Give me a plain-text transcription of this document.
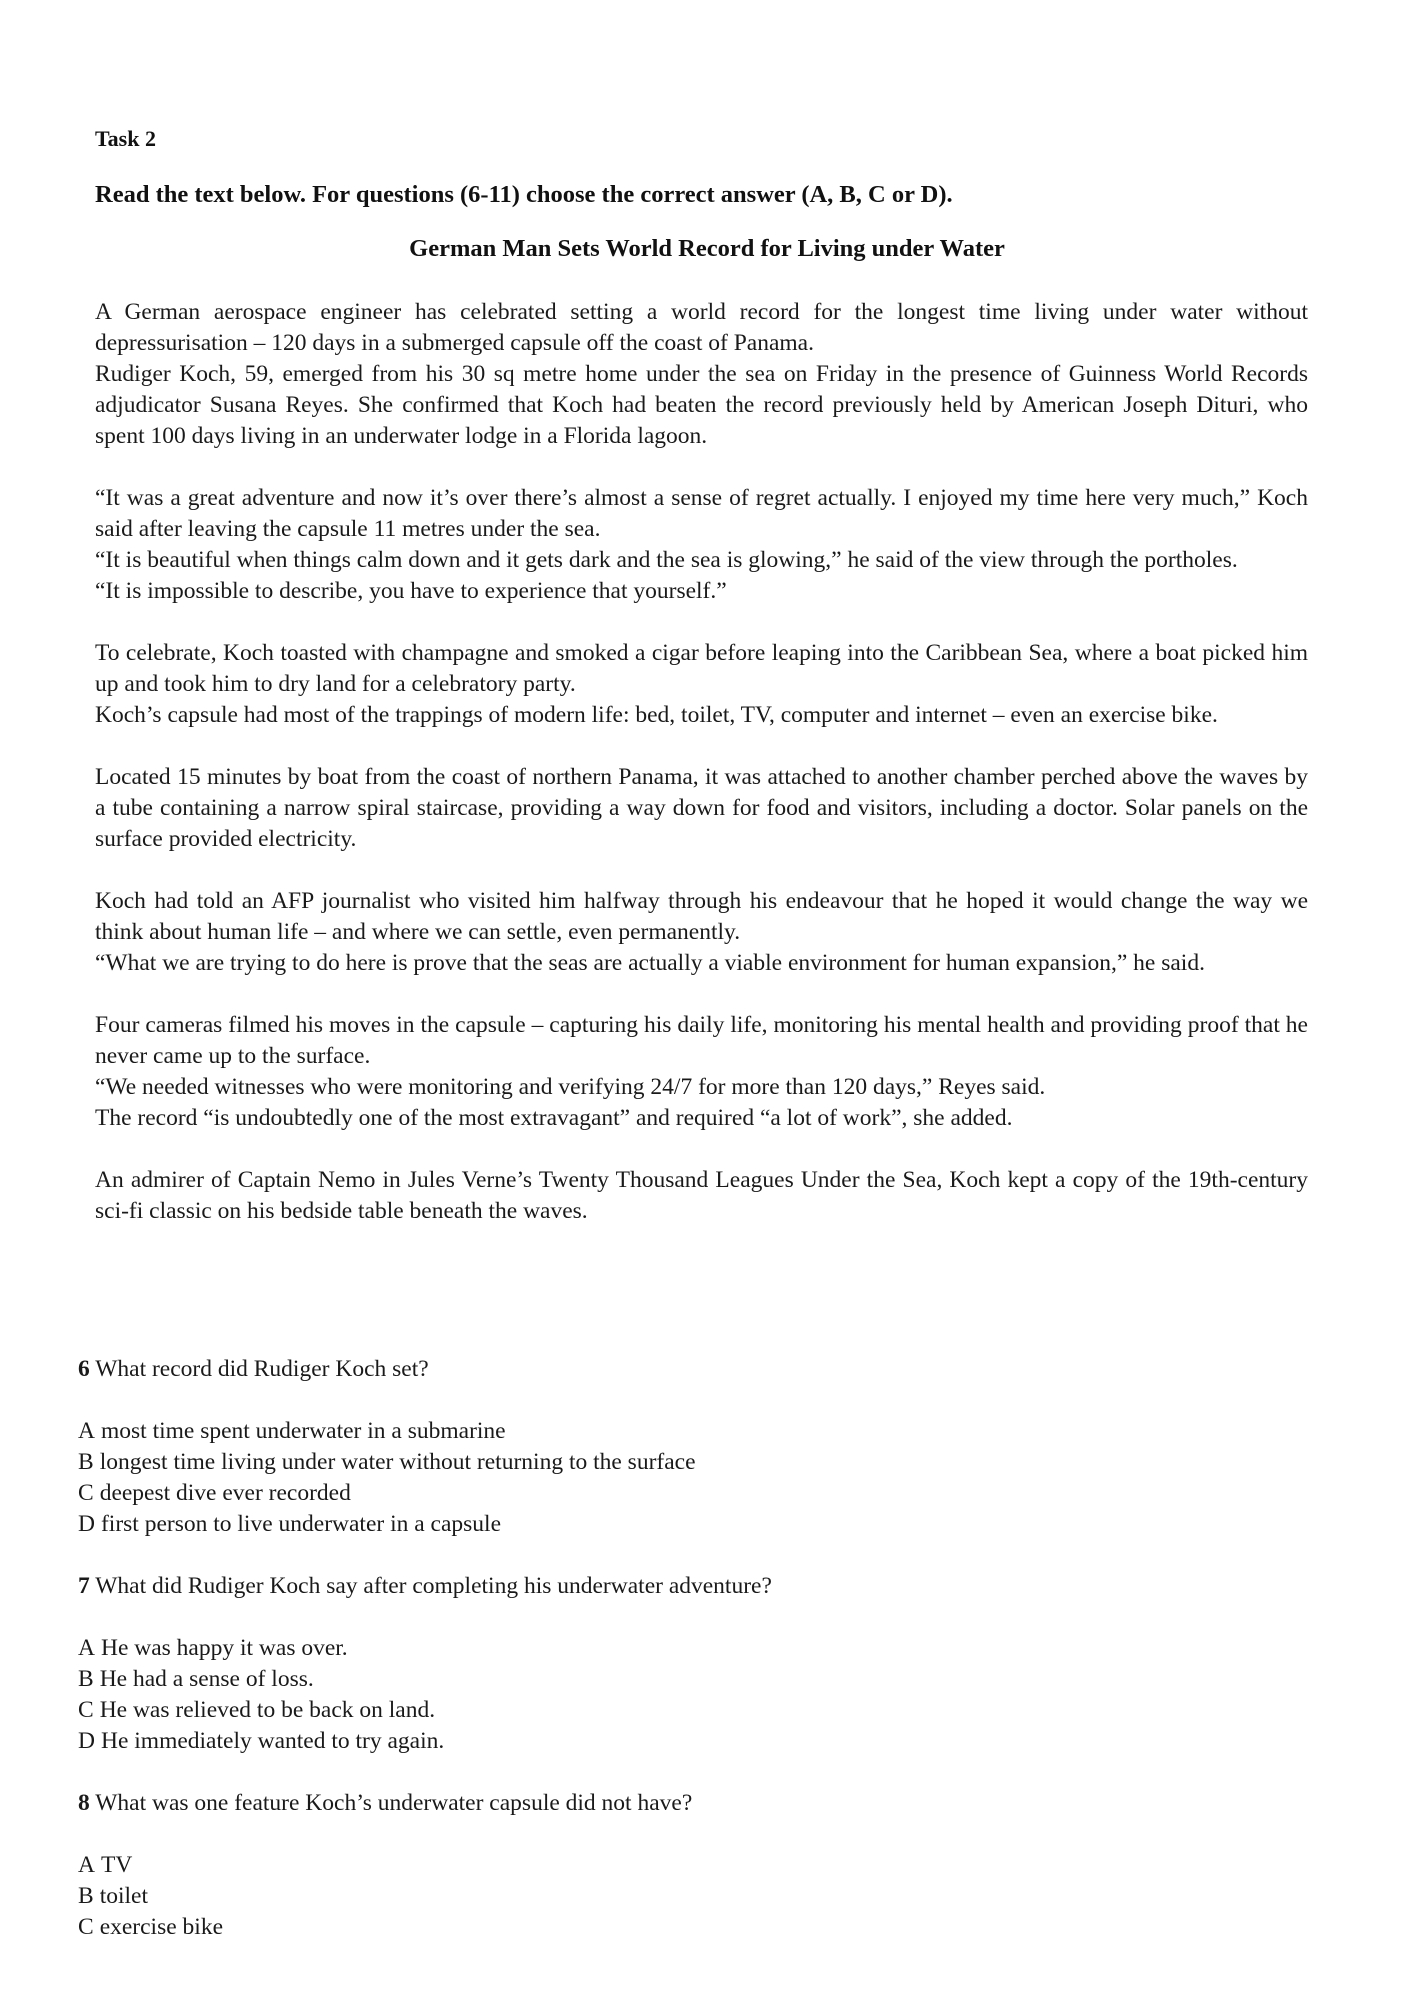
Task 2
Read the text below. For questions (6-11) choose the correct answer (A, B, C or D).
German Man Sets World Record for Living under Water

A German aerospace engineer has celebrated setting a world record for the longest time living under water without depressurisation – 120 days in a submerged capsule off the coast of Panama.

Rudiger Koch, 59, emerged from his 30 sq metre home under the sea on Friday in the presence of Guinness World Records adjudicator Susana Reyes. She confirmed that Koch had beaten the record previously held by American Joseph Dituri, who spent 100 days living in an underwater lodge in a Florida lagoon.

“It was a great adventure and now it’s over there’s almost a sense of regret actually. I enjoyed my time here very much,” Koch said after leaving the capsule 11 metres under the sea.

“It is beautiful when things calm down and it gets dark and the sea is glowing,” he said of the view through the portholes.

“It is impossible to describe, you have to experience that yourself.”

To celebrate, Koch toasted with champagne and smoked a cigar before leaping into the Caribbean Sea, where a boat picked him up and took him to dry land for a celebratory party.

Koch’s capsule had most of the trappings of modern life: bed, toilet, TV, computer and internet – even an exercise bike.

Located 15 minutes by boat from the coast of northern Panama, it was attached to another chamber perched above the waves by a tube containing a narrow spiral staircase, providing a way down for food and visitors, including a doctor. Solar panels on the surface provided electricity.

Koch had told an AFP journalist who visited him halfway through his endeavour that he hoped it would change the way we think about human life – and where we can settle, even permanently.

“What we are trying to do here is prove that the seas are actually a viable environment for human expansion,” he said.

Four cameras filmed his moves in the capsule – capturing his daily life, monitoring his mental health and providing proof that he never came up to the surface.

“We needed witnesses who were monitoring and verifying 24/7 for more than 120 days,” Reyes said.

The record “is undoubtedly one of the most extravagant” and required “a lot of work”, she added.

An admirer of Captain Nemo in Jules Verne’s Twenty Thousand Leagues Under the Sea, Koch kept a copy of the 19th-century sci-fi classic on his bedside table beneath the waves.

6 What record did Rudiger Koch set?

A most time spent underwater in a submarine

B longest time living under water without returning to the surface

C deepest dive ever recorded

D first person to live underwater in a capsule

7 What did Rudiger Koch say after completing his underwater adventure?

A He was happy it was over.

B He had a sense of loss.

C He was relieved to be back on land.

D He immediately wanted to try again.

8 What was one feature Koch’s underwater capsule did not have?

A TV

B toilet

C exercise bike
